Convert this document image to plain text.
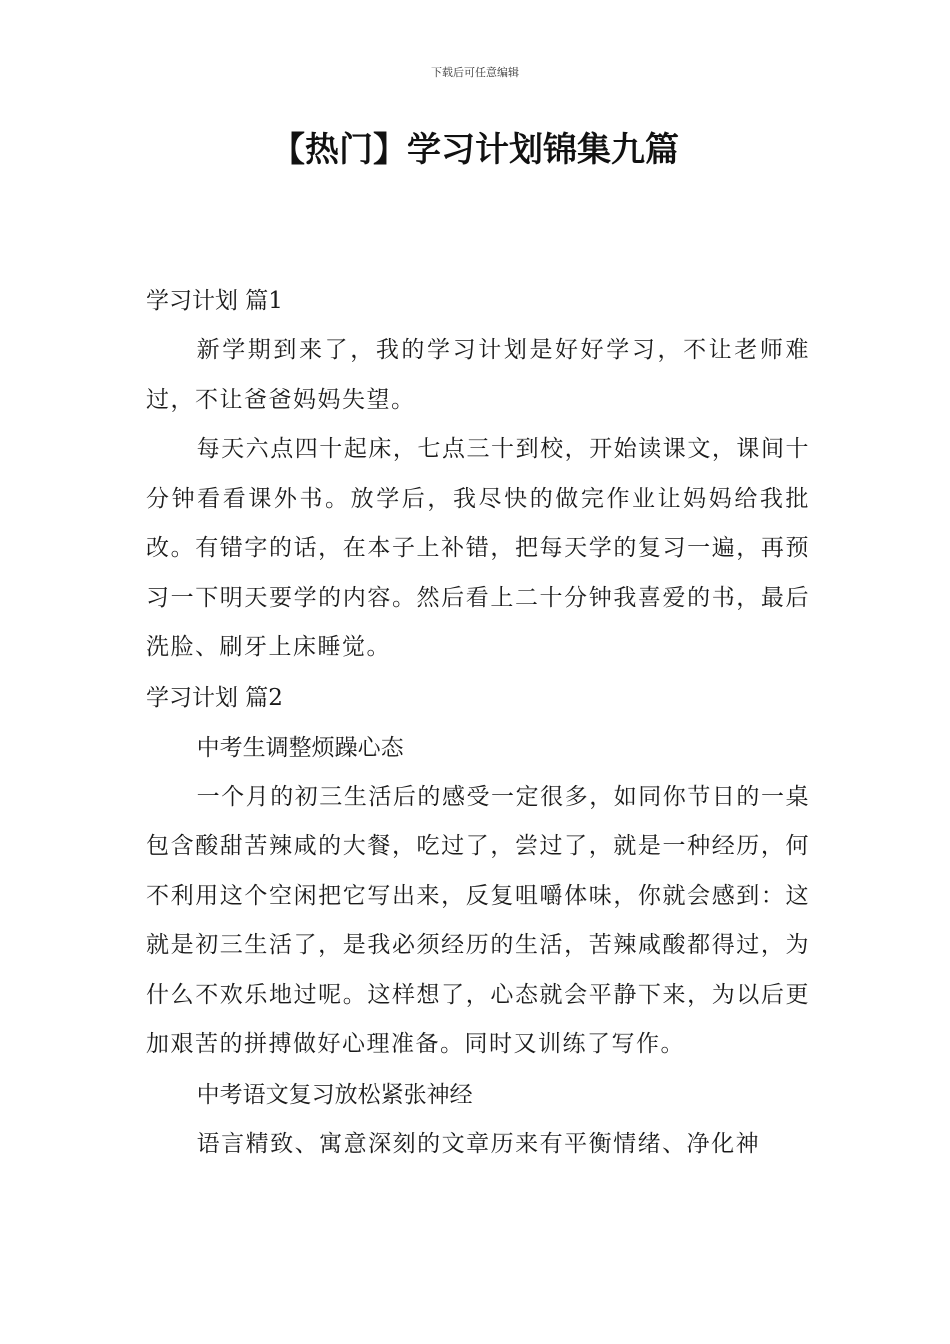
下载后可任意编辑
【热门】学习计划锦集九篇
学习计划 篇1

新学期到来了，我的学习计划是好好学习，不让老师难过，不让爸爸妈妈失望。

每天六点四十起床，七点三十到校，开始读课文，课间十分钟看看课外书。放学后，我尽快的做完作业让妈妈给我批改。有错字的话，在本子上补错，把每天学的复习一遍，再预习一下明天要学的内容。然后看上二十分钟我喜爱的书，最后洗脸、刷牙上床睡觉。

学习计划 篇2
中考生调整烦躁心态

一个月的初三生活后的感受一定很多，如同你节日的一桌包含酸甜苦辣咸的大餐，吃过了，尝过了，就是一种经历，何不利用这个空闲把它写出来，反复咀嚼体味，你就会感到：这就是初三生活了，是我必须经历的生活，苦辣咸酸都得过，为什么不欢乐地过呢。这样想了，心态就会平静下来，为以后更加艰苦的拼搏做好心理准备。同时又训练了写作。

中考语文复习放松紧张神经

语言精致、寓意深刻的文章历来有平衡情绪、净化神
